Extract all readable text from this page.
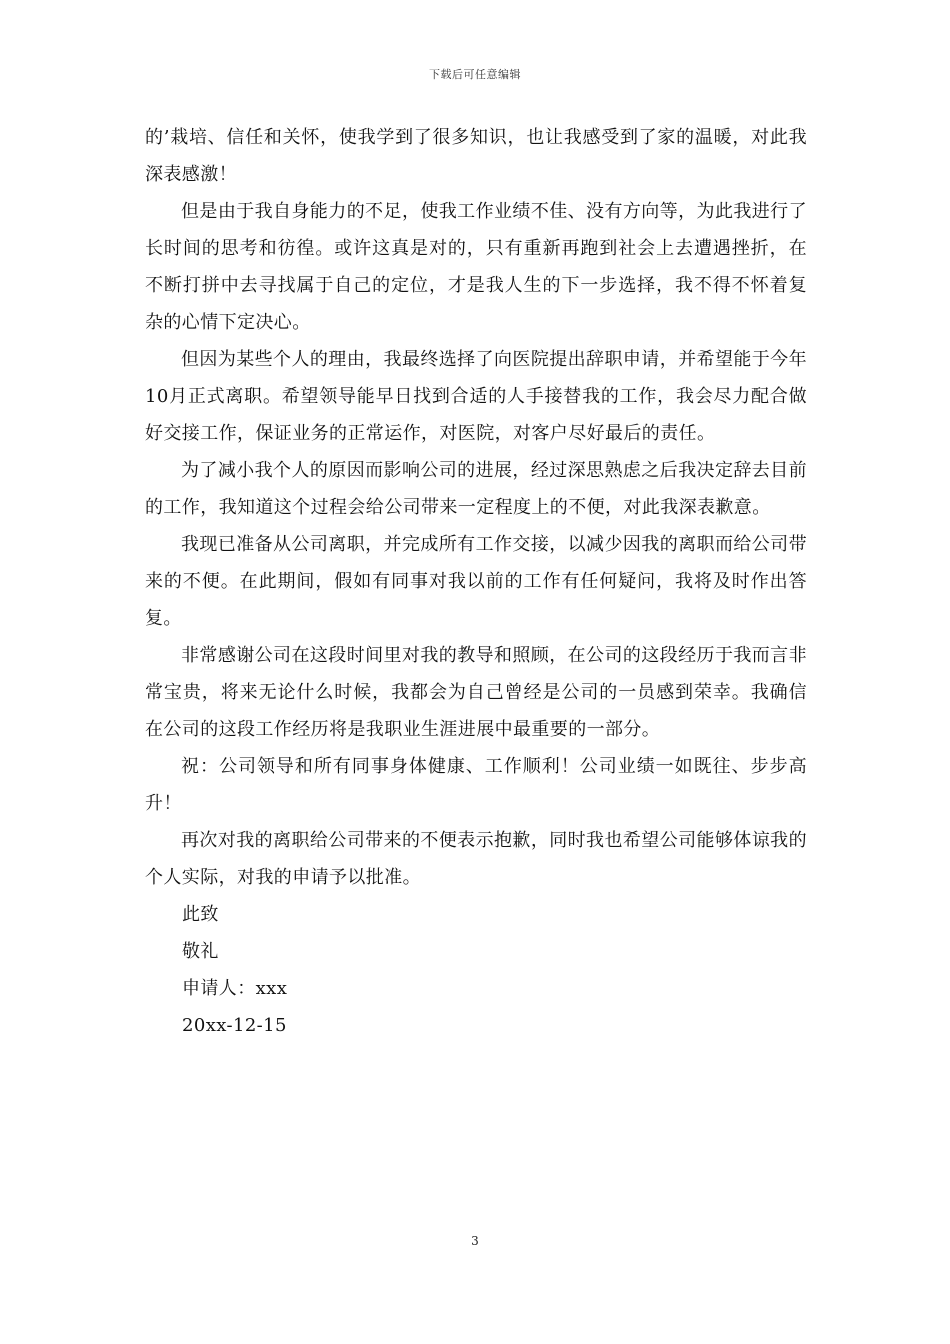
下载后可任意编辑

的’栽培、信任和关怀，使我学到了很多知识，也让我感受到了家的温暖，对此我深表感激！

但是由于我自身能力的不足，使我工作业绩不佳、没有方向等，为此我进行了长时间的思考和彷徨。或许这真是对的，只有重新再跑到社会上去遭遇挫折，在不断打拼中去寻找属于自己的定位，才是我人生的下一步选择，我不得不怀着复杂的心情下定决心。

但因为某些个人的理由，我最终选择了向医院提出辞职申请，并希望能于今年10月正式离职。希望领导能早日找到合适的人手接替我的工作，我会尽力配合做好交接工作，保证业务的正常运作，对医院，对客户尽好最后的责任。

为了减小我个人的原因而影响公司的进展，经过深思熟虑之后我决定辞去目前的工作，我知道这个过程会给公司带来一定程度上的不便，对此我深表歉意。

我现已准备从公司离职，并完成所有工作交接，以减少因我的离职而给公司带来的不便。在此期间，假如有同事对我以前的工作有任何疑问，我将及时作出答复。

非常感谢公司在这段时间里对我的教导和照顾，在公司的这段经历于我而言非常宝贵，将来无论什么时候，我都会为自己曾经是公司的一员感到荣幸。我确信在公司的这段工作经历将是我职业生涯进展中最重要的一部分。

祝：公司领导和所有同事身体健康、工作顺利！公司业绩一如既往、步步高升！

再次对我的离职给公司带来的不便表示抱歉，同时我也希望公司能够体谅我的个人实际，对我的申请予以批准。

此致

敬礼

申请人：xxx

20xx-12-15

3
